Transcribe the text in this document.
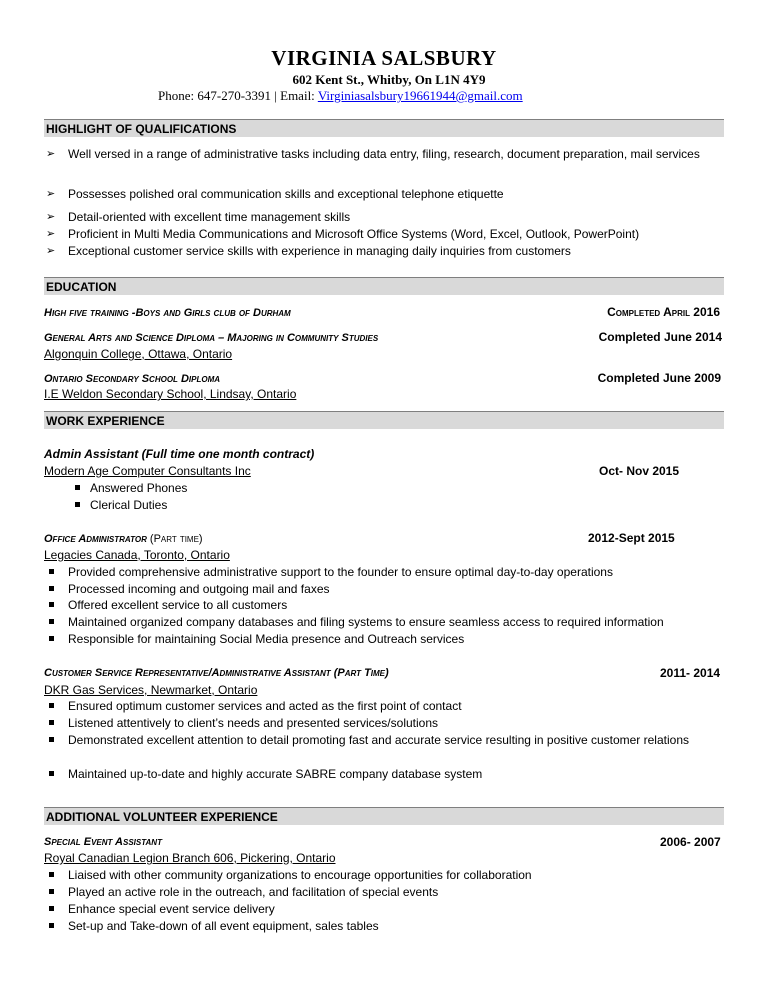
VIRGINIA SALSBURY
602 Kent St., Whitby, On L1N 4Y9
Phone: 647-270-3391 | Email: Virginiasalsbury19661944@gmail.com
HIGHLIGHT OF QUALIFICATIONS
➢	Well versed in a range of administrative tasks including data entry, filing, research, document preparation, mail services
➢	Possesses polished oral communication skills and exceptional telephone etiquette
➢	Detail-oriented with excellent time management skills
➢	Proficient in Multi Media Communications and Microsoft Office Systems (Word, Excel, Outlook, PowerPoint)
➢	Exceptional customer service skills with experience in managing daily inquiries from customers
EDUCATION
High five training -Boys and Girls club of Durham	Completed April 2016
General Arts and Science Diploma – Majoring in Community Studies	Completed June 2014
Algonquin College, Ottawa, Ontario
Ontario Secondary School Diploma	Completed June 2009
I.E Weldon Secondary School, Lindsay, Ontario
WORK EXPERIENCE
Admin Assistant (Full time one month contract)
Modern Age Computer Consultants Inc	Oct- Nov 2015
Answered Phones
Clerical Duties
Office Administrator (Part time)	2012-Sept 2015
Legacies Canada, Toronto, Ontario
Provided comprehensive administrative support to the founder to ensure optimal day-to-day operations
Processed incoming and outgoing mail and faxes
Offered excellent service to all customers
Maintained organized company databases and filing systems to ensure seamless access to required information
Responsible for maintaining Social Media presence and Outreach services
Customer Service Representative/Administrative Assistant (Part Time)	2011- 2014
DKR Gas Services, Newmarket, Ontario
Ensured optimum customer services and acted as the first point of contact
Listened attentively to client’s needs and presented services/solutions
Demonstrated excellent attention to detail promoting fast and accurate service resulting in positive customer relations
Maintained up-to-date and highly accurate SABRE company database system
ADDITIONAL VOLUNTEER EXPERIENCE
Special Event Assistant	2006- 2007
Royal Canadian Legion Branch 606, Pickering, Ontario
Liaised with other community organizations to encourage opportunities for collaboration
Played an active role in the outreach, and facilitation of special events
Enhance special event service delivery
Set-up and Take-down of all event equipment, sales tables
